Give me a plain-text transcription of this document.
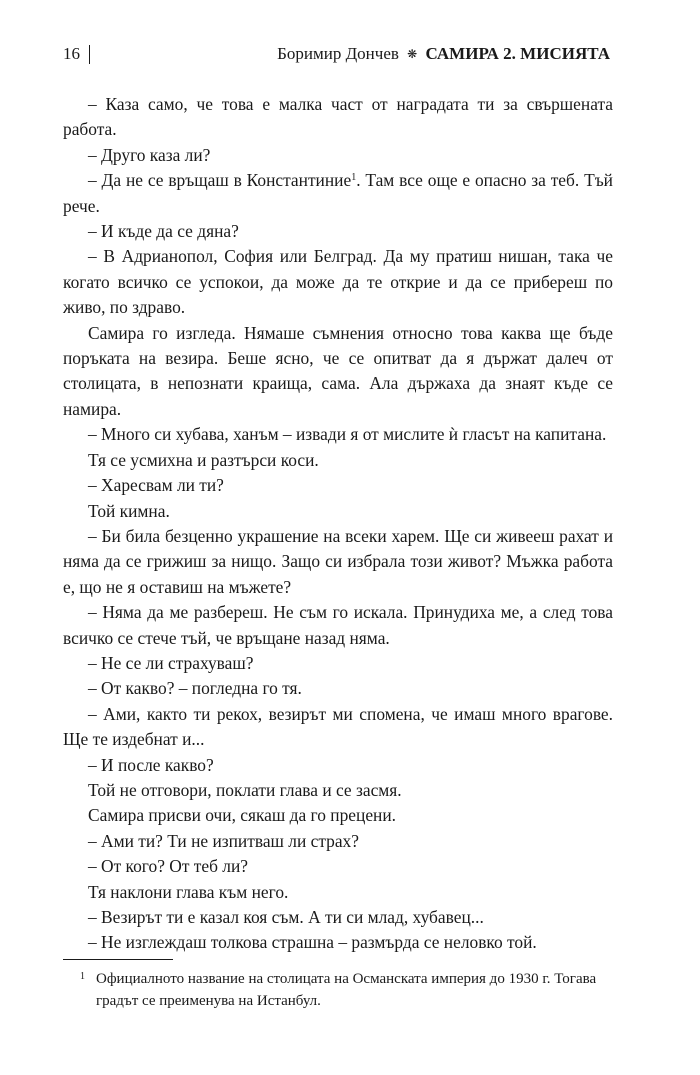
16	Боримир Дончев ❋ САМИРА 2. МИСИЯТА

– Каза само, че това е малка част от наградата ти за свършената работа.

– Друго каза ли?

– Да не се връщаш в Константиние$^1$. Там все още е опасно за теб. Тъй рече.

– И къде да се дяна?

– В Адрианопол, София или Белград. Да му пратиш нишан, така че когато всичко се успокои, да може да те открие и да се прибереш по живо, по здраво.

Самира го изгледа. Нямаше съмнения относно това каква ще бъде поръката на везира. Беше ясно, че се опитват да я държат далеч от столицата, в непознати краища, сама. Ала държаха да знаят къде се намира.

– Много си хубава, ханъм – извади я от мислите ѝ гласът на капитана.

Тя се усмихна и разтърси коси.

– Харесвам ли ти?

Той кимна.

– Би била безценно украшение на всеки харем. Ще си живееш рахат и няма да се грижиш за нищо. Защо си избрала този живот? Мъжка работа е, що не я оставиш на мъжете?

– Няма да ме разбереш. Не съм го искала. Принудиха ме, а след това всичко се стече тъй, че връщане назад няма.

– Не се ли страхуваш?

– От какво? – погледна го тя.

– Ами, както ти рекох, везирът ми спомена, че имаш много врагове. Ще те издебнат и...

– И после какво?

Той не отговори, поклати глава и се засмя.

Самира присви очи, сякаш да го прецени.

– Ами ти? Ти не изпитваш ли страх?

– От кого? От теб ли?

Тя наклони глава към него.

– Везирът ти е казал коя съм. А ти си млад, хубавец...

– Не изглеждаш толкова страшна – размърда се неловко той.

1 Официалното название на столицата на Османската империя до 1930 г. Тогава градът се преименува на Истанбул.
